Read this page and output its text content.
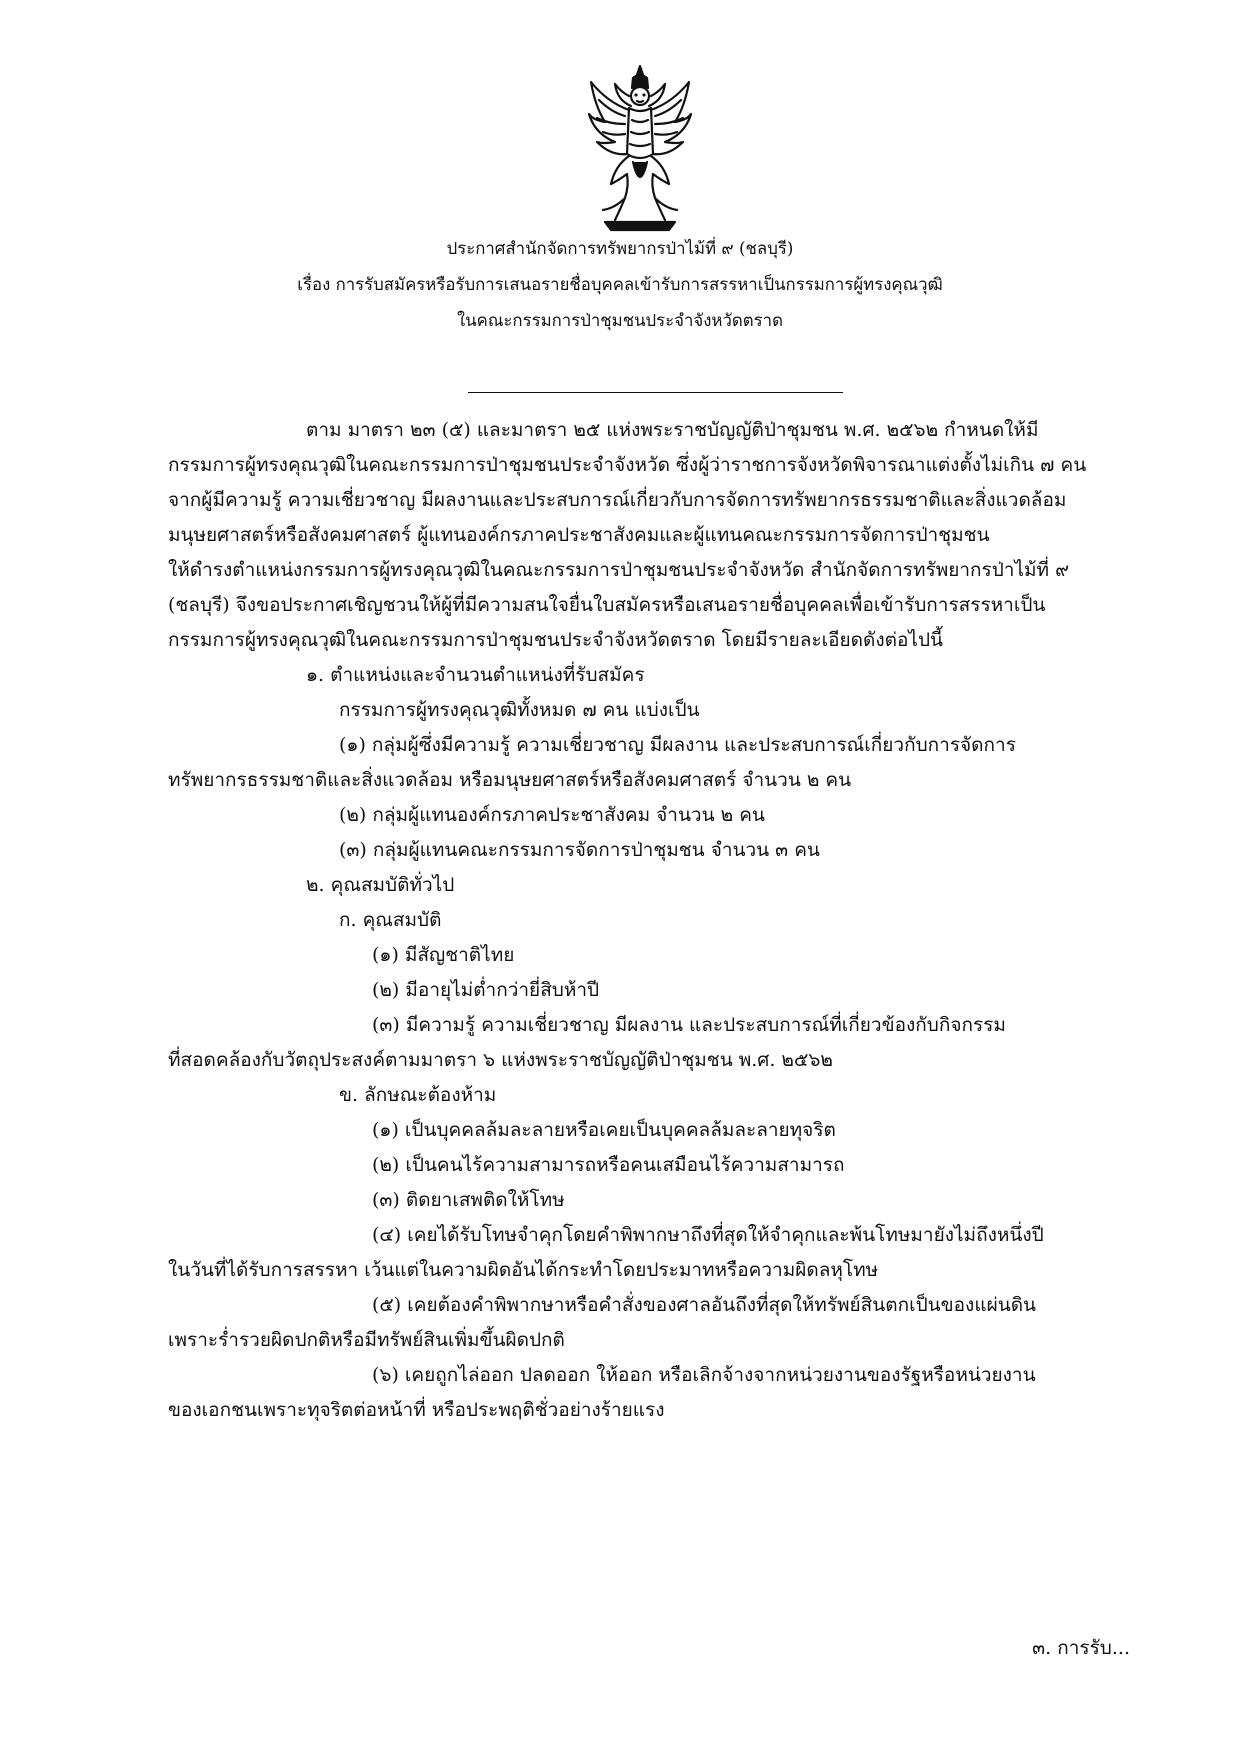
ประกาศสำนักจัดการทรัพยากรป่าไม้ที่ ๙ (ชลบุรี)
เรื่อง การรับสมัครหรือรับการเสนอรายชื่อบุคคลเข้ารับการสรรหาเป็นกรรมการผู้ทรงคุณวุฒิ
ในคณะกรรมการป่าชุมชนประจำจังหวัดตราด
ตาม มาตรา ๒๓ (๕) และมาตรา ๒๕ แห่งพระราชบัญญัติป่าชุมชน พ.ศ. ๒๕๖๒ กำหนดให้มี
กรรมการผู้ทรงคุณวุฒิในคณะกรรมการป่าชุมชนประจำจังหวัด ซึ่งผู้ว่าราชการจังหวัดพิจารณาแต่งตั้งไม่เกิน ๗ คน
จากผู้มีความรู้ ความเชี่ยวชาญ มีผลงานและประสบการณ์เกี่ยวกับการจัดการทรัพยากรธรรมชาติและสิ่งแวดล้อม
มนุษยศาสตร์หรือสังคมศาสตร์ ผู้แทนองค์กรภาคประชาสังคมและผู้แทนคณะกรรมการจัดการป่าชุมชน
ให้ดำรงตำแหน่งกรรมการผู้ทรงคุณวุฒิในคณะกรรมการป่าชุมชนประจำจังหวัด สำนักจัดการทรัพยากรป่าไม้ที่ ๙
(ชลบุรี) จึงขอประกาศเชิญชวนให้ผู้ที่มีความสนใจยื่นใบสมัครหรือเสนอรายชื่อบุคคลเพื่อเข้ารับการสรรหาเป็น
กรรมการผู้ทรงคุณวุฒิในคณะกรรมการป่าชุมชนประจำจังหวัดตราด โดยมีรายละเอียดดังต่อไปนี้
๑. ตำแหน่งและจำนวนตำแหน่งที่รับสมัคร
กรรมการผู้ทรงคุณวุฒิทั้งหมด ๗ คน แบ่งเป็น
(๑) กลุ่มผู้ซึ่งมีความรู้ ความเชี่ยวชาญ มีผลงาน และประสบการณ์เกี่ยวกับการจัดการ
ทรัพยากรธรรมชาติและสิ่งแวดล้อม หรือมนุษยศาสตร์หรือสังคมศาสตร์ จำนวน ๒ คน
(๒) กลุ่มผู้แทนองค์กรภาคประชาสังคม จำนวน ๒ คน
(๓) กลุ่มผู้แทนคณะกรรมการจัดการป่าชุมชน จำนวน ๓ คน
๒. คุณสมบัติทั่วไป
ก. คุณสมบัติ
(๑) มีสัญชาติไทย
(๒) มีอายุไม่ต่ำกว่ายี่สิบห้าปี
(๓) มีความรู้ ความเชี่ยวชาญ มีผลงาน และประสบการณ์ที่เกี่ยวข้องกับกิจกรรม
ที่สอดคล้องกับวัตถุประสงค์ตามมาตรา ๖ แห่งพระราชบัญญัติป่าชุมชน พ.ศ. ๒๕๖๒
ข. ลักษณะต้องห้าม
(๑) เป็นบุคคลล้มละลายหรือเคยเป็นบุคคลล้มละลายทุจริต
(๒) เป็นคนไร้ความสามารถหรือคนเสมือนไร้ความสามารถ
(๓) ติดยาเสพติดให้โทษ
(๔) เคยได้รับโทษจำคุกโดยคำพิพากษาถึงที่สุดให้จำคุกและพ้นโทษมายังไม่ถึงหนึ่งปี
ในวันที่ได้รับการสรรหา เว้นแต่ในความผิดอันได้กระทำโดยประมาทหรือความผิดลหุโทษ
(๕) เคยต้องคำพิพากษาหรือคำสั่งของศาลอันถึงที่สุดให้ทรัพย์สินตกเป็นของแผ่นดิน
เพราะร่ำรวยผิดปกติหรือมีทรัพย์สินเพิ่มขึ้นผิดปกติ
(๖) เคยถูกไล่ออก ปลดออก ให้ออก หรือเลิกจ้างจากหน่วยงานของรัฐหรือหน่วยงาน
ของเอกชนเพราะทุจริตต่อหน้าที่ หรือประพฤติชั่วอย่างร้ายแรง
๓. การรับ...
